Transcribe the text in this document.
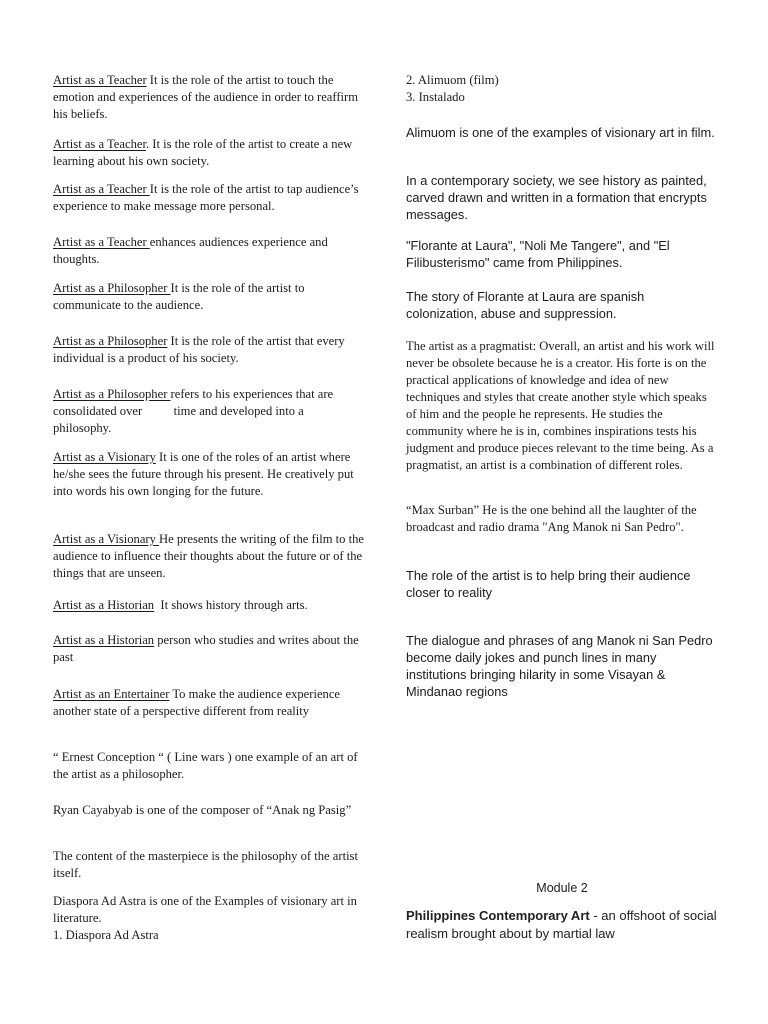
Artist as a Teacher It is the role of the artist to touch the emotion and experiences of the audience in order to reaffirm his beliefs.

Artist as a Teacher. It is the role of the artist to create a new learning about his own society.

Artist as a Teacher It is the role of the artist to tap audience’s experience to make message more personal.

Artist as a Teacher enhances audiences experience and thoughts.

Artist as a Philosopher It is the role of the artist to communicate to the audience.

Artist as a Philosopher It is the role of the artist that every individual is a product of his society.

Artist as a Philosopher refers to his experiences that are consolidated over          time and developed into a philosophy.

Artist as a Visionary It is one of the roles of an artist where he/she sees the future through his present. He creatively put into words his own longing for the future.

Artist as a Visionary He presents the writing of the film to the audience to influence their thoughts about the future or of the things that are unseen.

Artist as a Historian  It shows history through arts.

Artist as a Historian person who studies and writes about the past

Artist as an Entertainer To make the audience experience another state of a perspective different from reality

“ Ernest Conception “ ( Line wars ) one example of an art of the artist as a philosopher.

Ryan Cayabyab is one of the composer of “Anak ng Pasig”

The content of the masterpiece is the philosophy of the artist itself.

Diaspora Ad Astra is one of the Examples of visionary art in literature.
1. Diaspora Ad Astra

2. Alimuom (film)

3. Instalado

Alimuom is one of the examples of visionary art in film.

In a contemporary society, we see history as painted, carved drawn and written in a formation that encrypts messages.

"Florante at Laura", "Noli Me Tangere", and "El Filibusterismo" came from Philippines.

The story of Florante at Laura are spanish colonization, abuse and suppression.

The artist as a pragmatist: Overall, an artist and his work will never be obsolete because he is a creator. His forte is on the practical applications of knowledge and idea of new techniques and styles that create another style which speaks of him and the people he represents. He studies the community where he is in, combines inspirations tests his judgment and produce pieces relevant to the time being. As a pragmatist, an artist is a combination of different roles.

“Max Surban” He is the one behind all the laughter of the broadcast and radio drama "Ang Manok ni San Pedro".

The role of the artist is to help bring their audience closer to reality

The dialogue and phrases of ang Manok ni San Pedro become daily jokes and punch lines in many institutions bringing hilarity in some Visayan & Mindanao regions

Module 2

Philippines Contemporary Art - an offshoot of social realism brought about by martial law
